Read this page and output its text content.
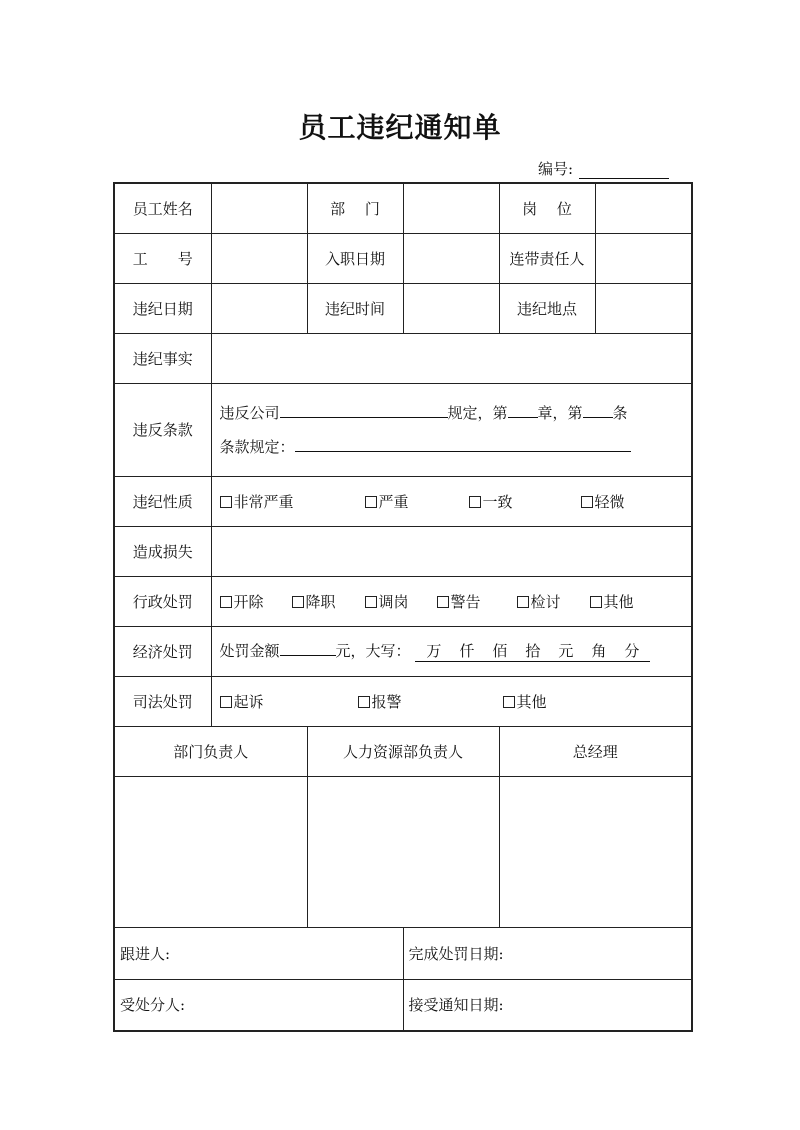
员工违纪通知单
编号:
员工姓名		部　 门		岗　 位	
工　　号		入职日期		连带责任人	
违纪日期		违纪时间		违纪地点	
违纪事实					
违反条款	违反公司 规定，第 章，第 条
条款规定：				

违纪性质	非常严重 严重 一致 轻微				
造成损失					
行政处罚	开除 降职 调岗 警告 检讨 其他				
经济处罚	处罚金额 元，大写： 万 仟 佰 拾 元 角 分				
司法处罚	起诉 报警 其他				
部门负责人		人力资源部负责人		总经理	

跟进人:			完成处罚日期:		
受处分人:			接受通知日期:		
